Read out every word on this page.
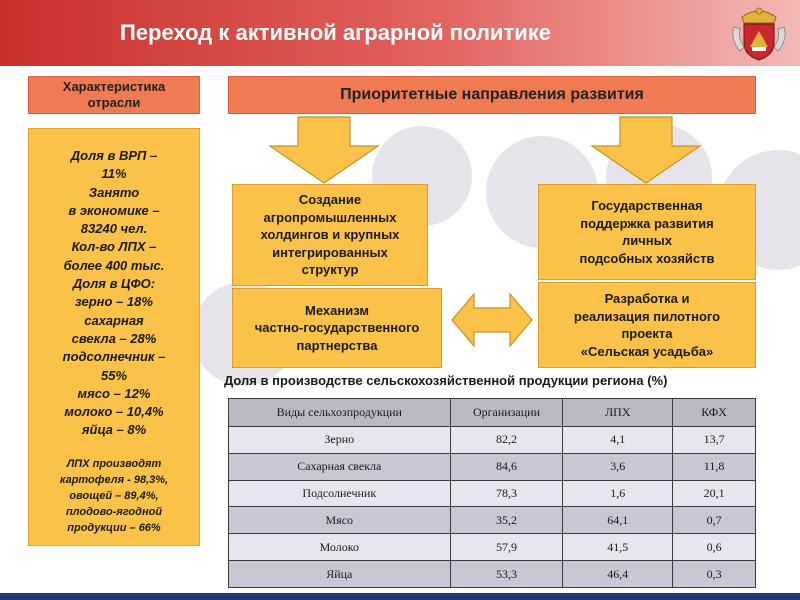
Переход к активной аграрной политике
Характеристика
отрасли
Доля в ВРП –
11%
Занято
в экономике –
83240 чел.
Кол-во ЛПХ –
более 400 тыс.
Доля в ЦФО:
зерно – 18%
сахарная
свекла – 28%
подсолнечник –
55%
мясо – 12%
молоко – 10,4%
яйца – 8%
ЛПХ производят
картофеля - 98,3%,
овощей – 89,4%,
плодово-ягодной
продукции – 66%
Приоритетные направления развития
Создание
агропромышленных
холдингов и крупных
интегрированных
структур
Государственная
поддержка развития
личных
подсобных хозяйств
Механизм
частно-государственного
партнерства
Разработка и
реализация пилотного
проекта
«Сельская усадьба»
Доля в производстве сельскохозяйственной продукции региона (%)
Виды сельхозпродукции	Организации	ЛПХ	КФХ
Зерно	82,2	4,1	13,7
Сахарная свекла	84,6	3,6	11,8
Подсолнечник	78,3	1,6	20,1
Мясо	35,2	64,1	0,7
Молоко	57,9	41,5	0,6
Яйца	53,3	46,4	0,3
